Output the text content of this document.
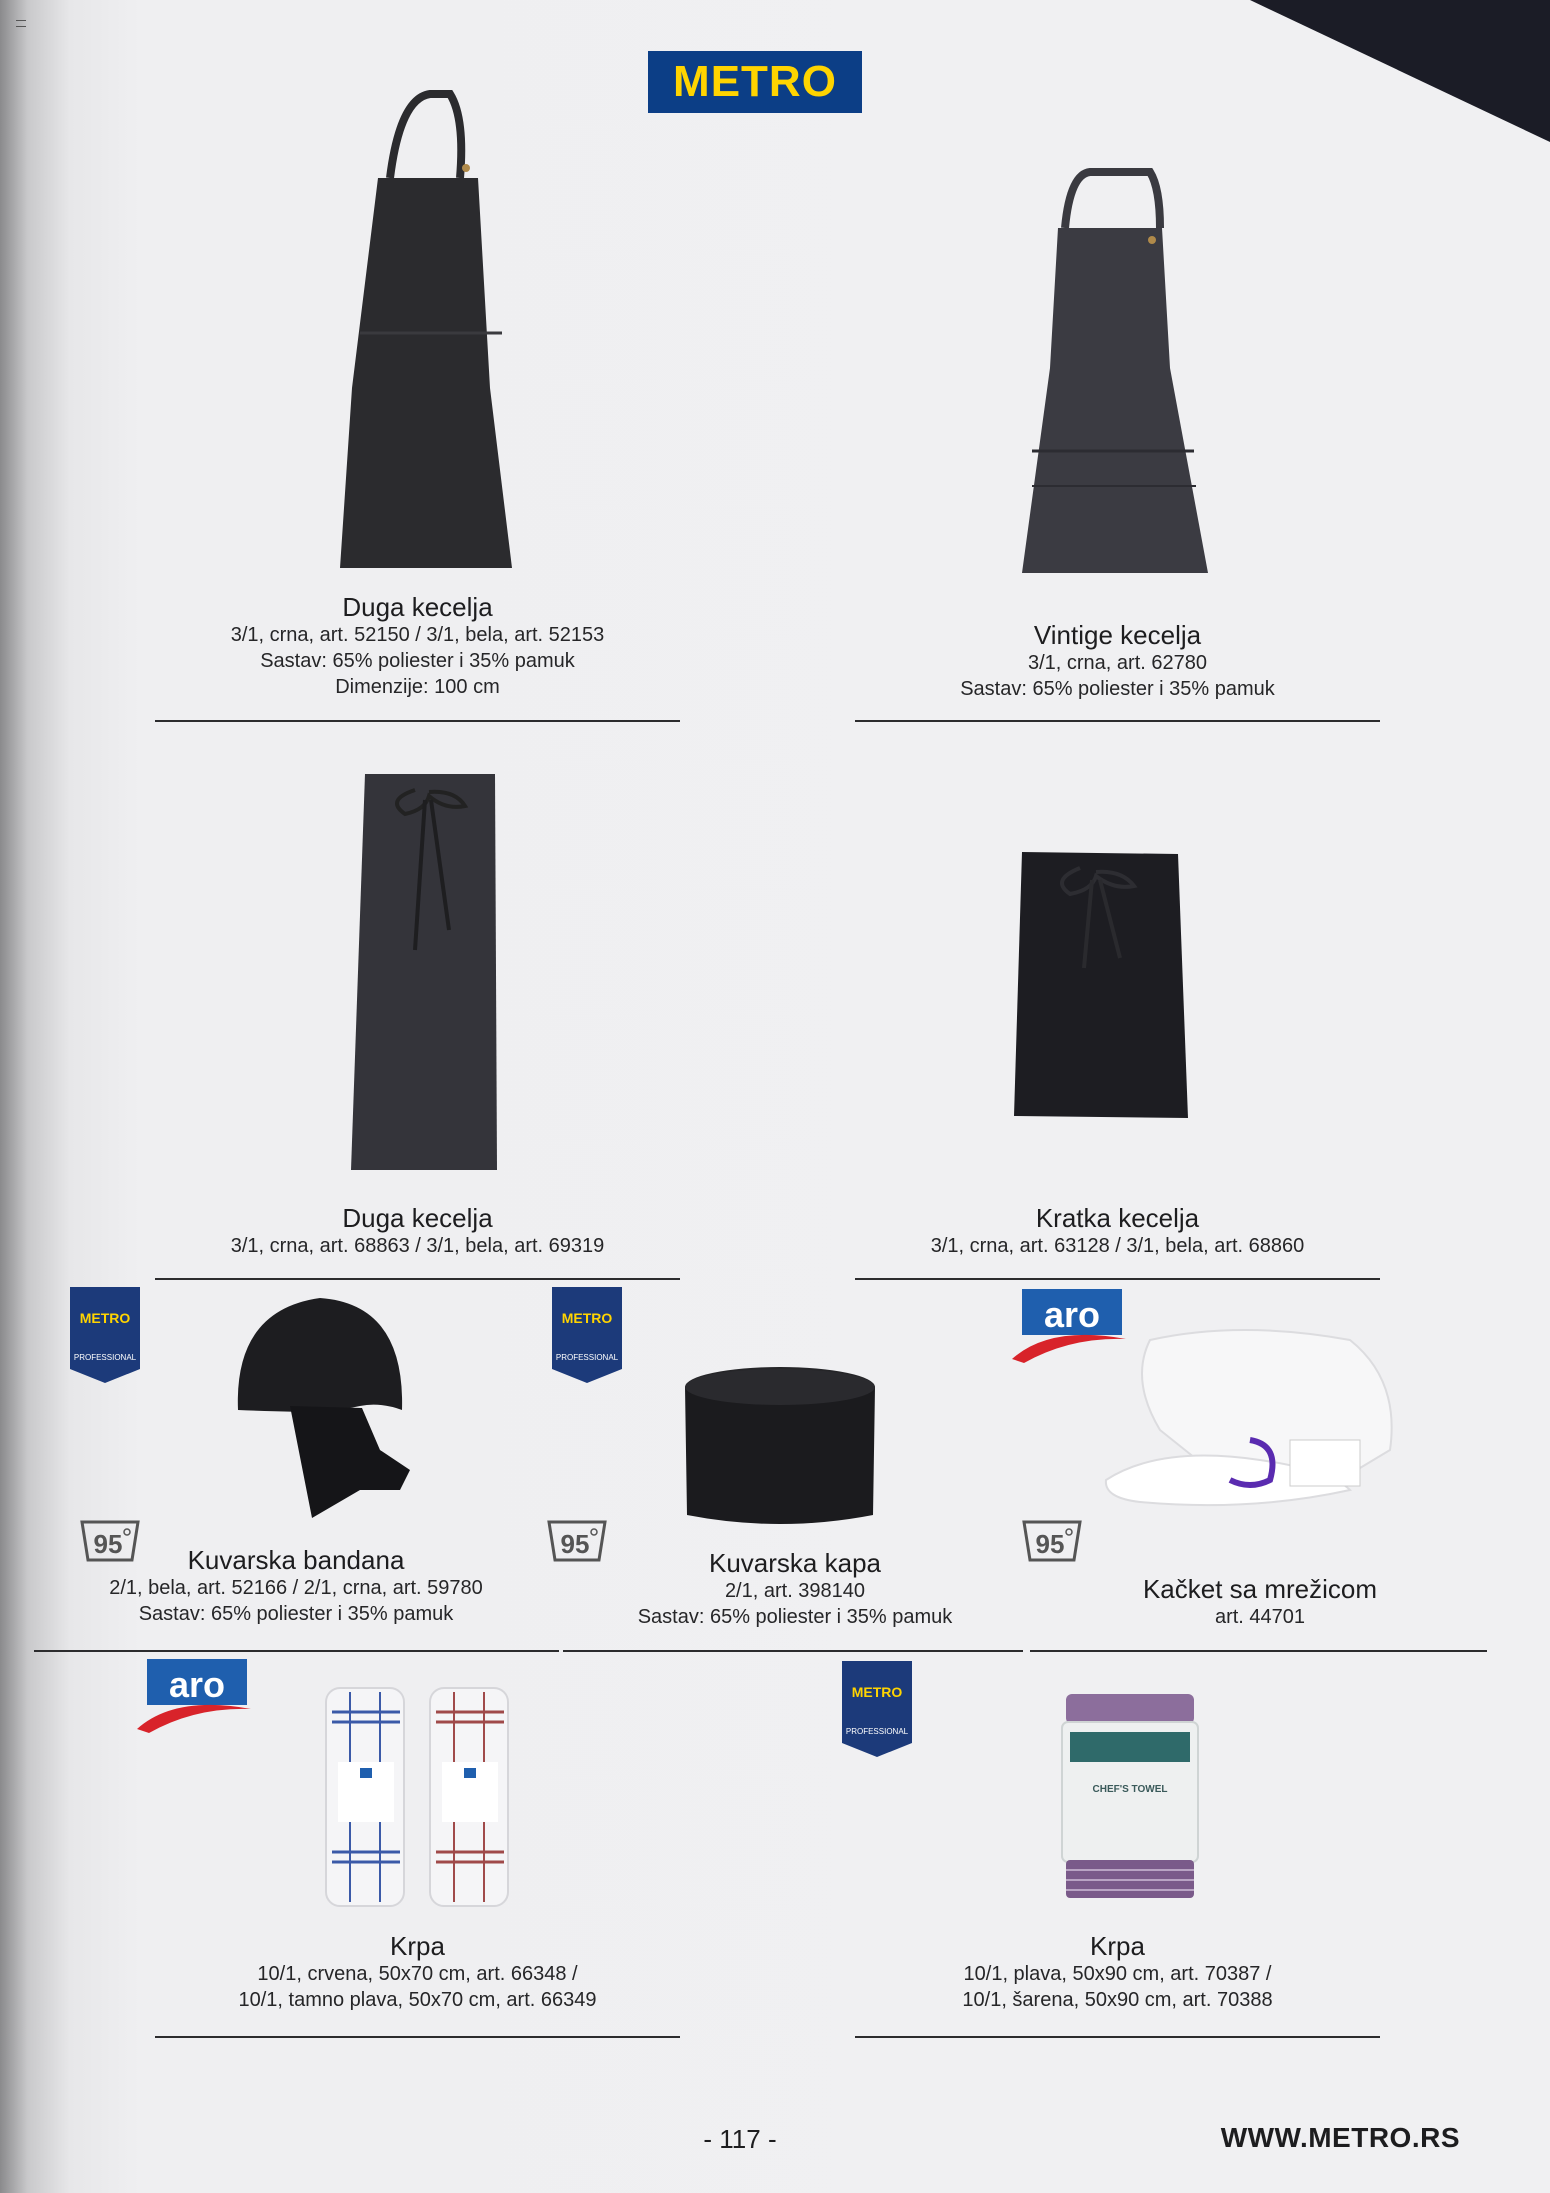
METRO
Duga kecelja
3/1, crna, art. 52150 / 3/1, bela, art. 52153
Sastav: 65% poliester i 35% pamuk
Dimenzije: 100 cm
Vintige kecelja
3/1, crna, art. 62780
Sastav: 65% poliester i 35% pamuk
Duga kecelja
3/1, crna, art. 68863 / 3/1, bela, art. 69319
Kratka kecelja
3/1, crna, art. 63128 / 3/1, bela, art. 68860
METRO
PROFESSIONAL
95
Kuvarska bandana
2/1, bela, art. 52166 / 2/1, crna, art. 59780
Sastav: 65% poliester i 35% pamuk
METRO
PROFESSIONAL
95
Kuvarska kapa
2/1, art. 398140
Sastav: 65% poliester i 35% pamuk
aro
95
Kačket sa mrežicom
art. 44701
aro
Krpa
10/1, crvena, 50x70 cm, art. 66348 /
10/1, tamno plava, 50x70 cm, art. 66349
METRO
PROFESSIONAL
CHEF'S TOWEL
Krpa
10/1, plava, 50x90 cm, art. 70387 /
10/1, šarena, 50x90 cm, art. 70388
- 117 -	WWW.METRO.RS
